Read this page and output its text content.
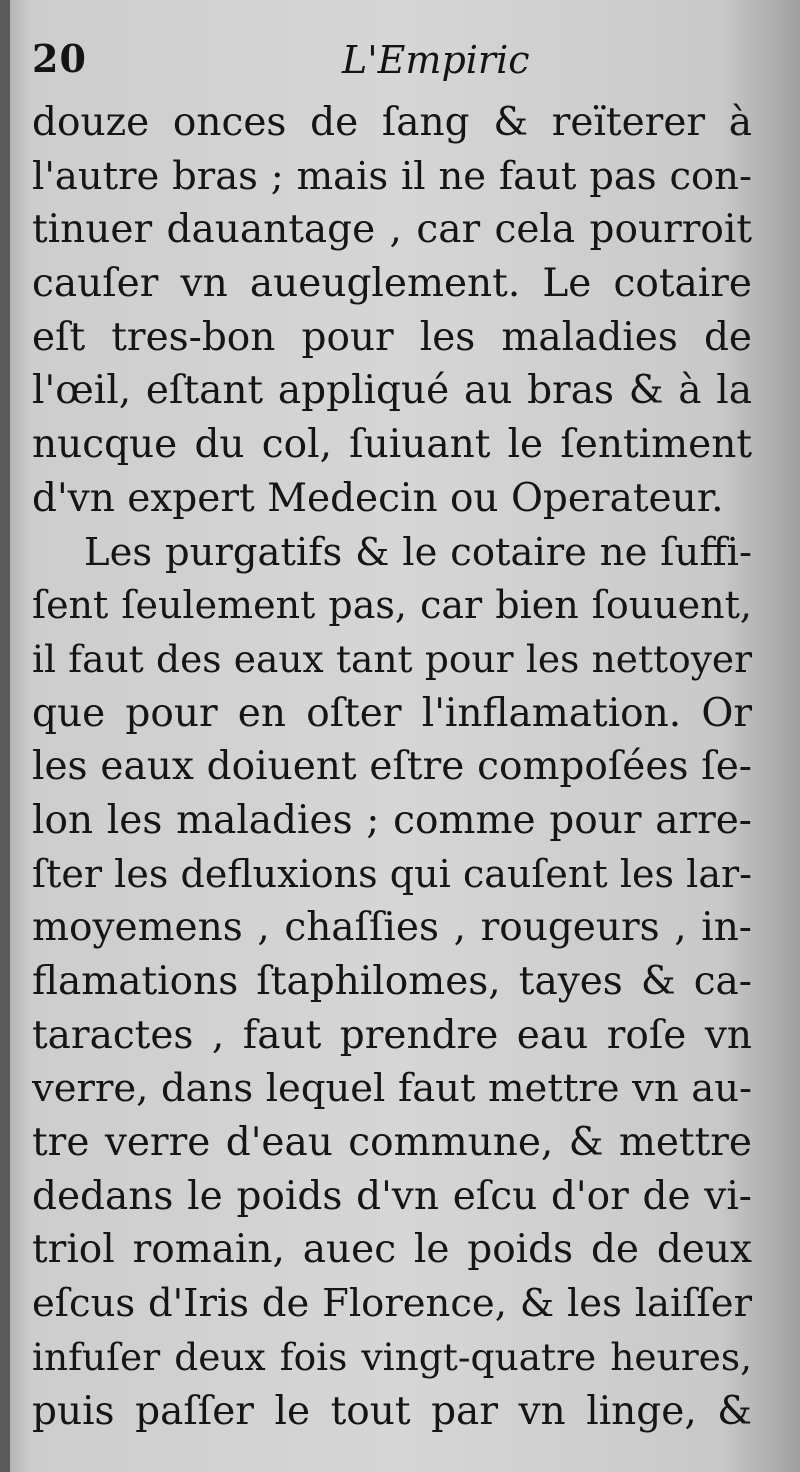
20	L'Empiric
douze onces de ſang & reïterer à
l'autre bras ; mais il ne faut pas con-
tinuer dauantage , car cela pourroit
cauſer vn aueuglement. Le cotaire
eſt tres-bon pour les maladies de
l'œil, eſtant appliqué au bras & à la
nucque du col, ſuiuant le ſentiment
d'vn expert Medecin ou Operateur.
Les purgatifs & le cotaire ne ſuffi-
ſent ſeulement pas, car bien ſouuent,
il faut des eaux tant pour les nettoyer
que pour en oſter l'inflamation. Or
les eaux doiuent eſtre compoſées ſe-
lon les maladies ; comme pour arre-
ſter les defluxions qui cauſent les lar-
moyemens , chaſſies , rougeurs , in-
flamations ſtaphilomes, tayes & ca-
taractes , faut prendre eau roſe vn
verre, dans lequel faut mettre vn au-
tre verre d'eau commune, & mettre
dedans le poids d'vn eſcu d'or de vi-
triol romain, auec le poids de deux
eſcus d'Iris de Florence, & les laiſſer
infuſer deux fois vingt-quatre heures,
puis paſſer le tout par vn linge, &
